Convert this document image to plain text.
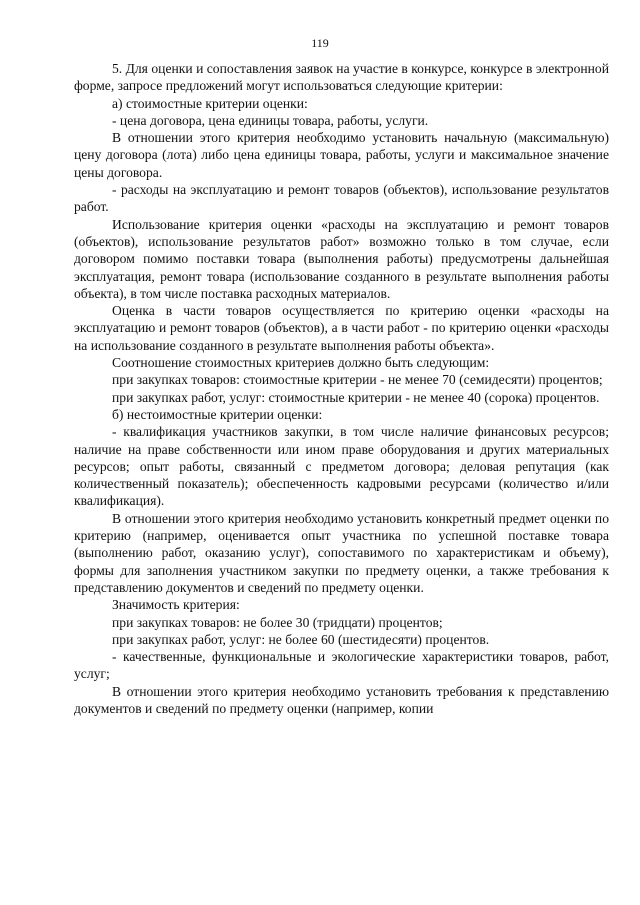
119

5. Для оценки и сопоставления заявок на участие в конкурсе, конкурсе в электронной форме, запросе предложений могут использоваться следующие критерии:

а) стоимостные критерии оценки:

- цена договора, цена единицы товара, работы, услуги.

В отношении этого критерия необходимо установить начальную (максимальную) цену договора (лота) либо цена единицы товара, работы, услуги и максимальное значение цены договора.

- расходы на эксплуатацию и ремонт товаров (объектов), использование результатов работ.

Использование критерия оценки «расходы на эксплуатацию и ремонт товаров (объектов), использование результатов работ» возможно только в том случае, если договором помимо поставки товара (выполнения работы) предусмотрены дальнейшая эксплуатация, ремонт товара (использование созданного в результате выполнения работы объекта), в том числе поставка расходных материалов.

Оценка в части товаров осуществляется по критерию оценки «расходы на эксплуатацию и ремонт товаров (объектов), а в части работ - по критерию оценки «расходы на использование созданного в результате выполнения работы объекта».

Соотношение стоимостных критериев должно быть следующим:

при закупках товаров: стоимостные критерии - не менее 70 (семидесяти) процентов;

при закупках работ, услуг: стоимостные критерии - не менее 40 (сорока) процентов.

б) нестоимостные критерии оценки:

- квалификация участников закупки, в том числе наличие финансовых ресурсов; наличие на праве собственности или ином праве оборудования и других материальных ресурсов; опыт работы, связанный с предметом договора; деловая репутация (как количественный показатель); обеспеченность кадровыми ресурсами (количество и/или квалификация).

В отношении этого критерия необходимо установить конкретный предмет оценки по критерию (например, оценивается опыт участника по успешной поставке товара (выполнению работ, оказанию услуг), сопоставимого по характеристикам и объему), формы для заполнения участником закупки по предмету оценки, а также требования к представлению документов и сведений по предмету оценки.

Значимость критерия:

при закупках товаров: не более 30 (тридцати) процентов;

при закупках работ, услуг: не более 60 (шестидесяти) процентов.

- качественные, функциональные и экологические характеристики товаров, работ, услуг;

В отношении этого критерия необходимо установить требования к представлению документов и сведений по предмету оценки (например, копии
